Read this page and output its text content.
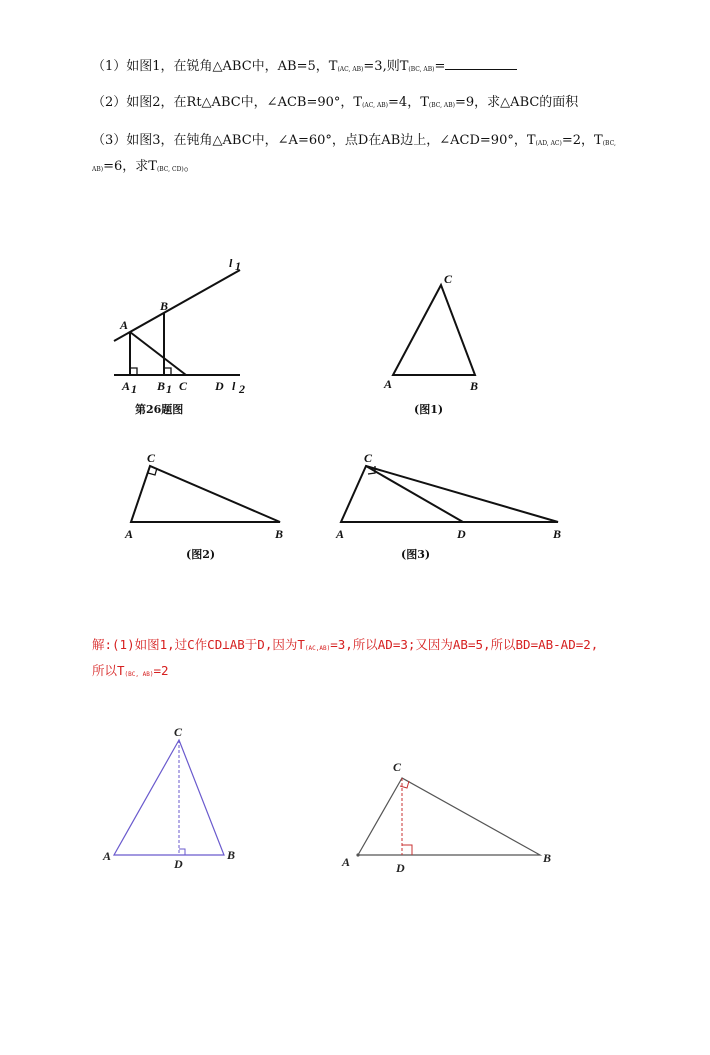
（1）如图1，在锐角△ABC中，AB=5，$T_{(AC, AB)}=3$,则$T_{(BC, AB)}=$
（2）如图2，在Rt△ABC中，∠ACB=90°，$T_{(AC, AB)}=4$，$T_{(BC, AB)}=9$，求△ABC的面积
（3）如图3，在钝角△ABC中，∠A=60°，点D在AB边上，∠ACD=90°，$T_{(AD, AC)}=2$，$T_{(BC,}$
$_{AB)}$=6，求$T_{(BC, CD)}$。
解:(1)如图1,过C作CD⊥AB于D,因为$T_{(AC,AB)}=3$,所以AD=3;又因为AB=5,所以BD=AB-AD=2,
所以$T_{(BC, AB)}=2$
A
B
l 1
A 1 B 1 C D l 2
第26题图
C
A	B
(图1)
C
A	B
(图2)
C
A	D	B
(图3)
C
A
D
B
C
A	D
B
